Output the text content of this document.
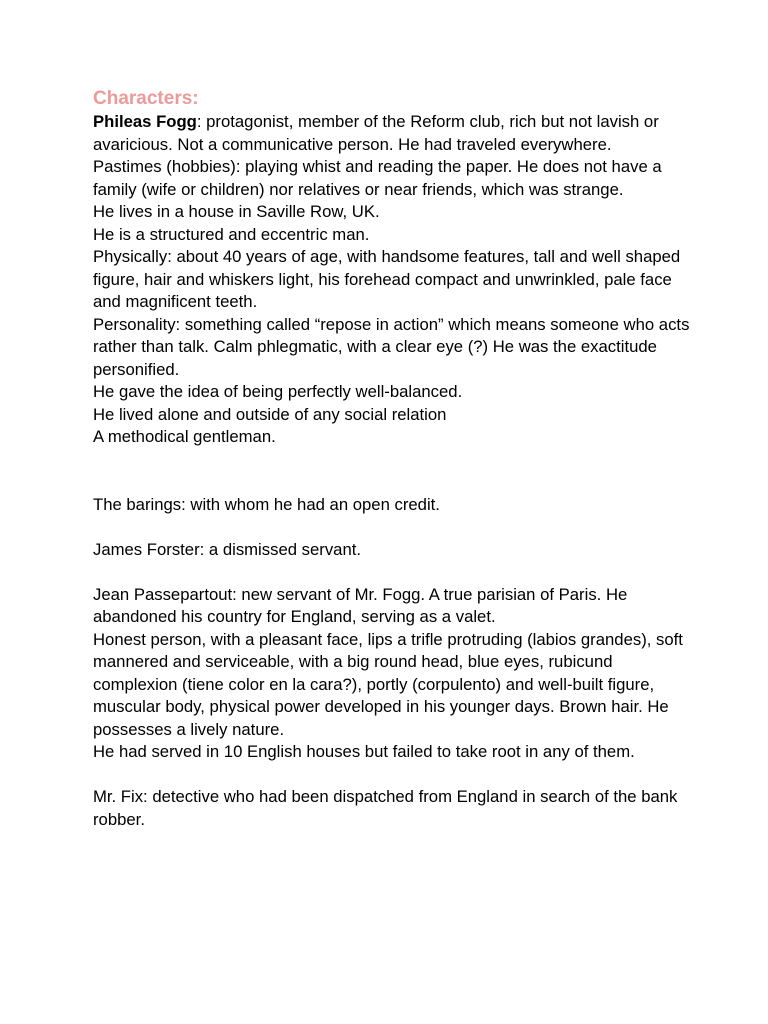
Characters:

Phileas Fogg: protagonist, member of the Reform club, rich but not lavish or avaricious. Not a communicative person. He had traveled everywhere.

Pastimes (hobbies): playing whist and reading the paper. He does not have a family (wife or children) nor relatives or near friends, which was strange.

He lives in a house in Saville Row, UK.

He is a structured and eccentric man.

Physically: about 40 years of age, with handsome features, tall and well shaped figure, hair and whiskers light, his forehead compact and unwrinkled, pale face and magnificent teeth.

Personality: something called “repose in action” which means someone who acts rather than talk. Calm phlegmatic, with a clear eye (?) He was the exactitude personified.

He gave the idea of being perfectly well-balanced.

He lived alone and outside of any social relation

A methodical gentleman.

The barings: with whom he had an open credit.

James Forster: a dismissed servant.

Jean Passepartout: new servant of Mr. Fogg. A true parisian of Paris. He abandoned his country for England, serving as a valet.

Honest person, with a pleasant face, lips a trifle protruding (labios grandes), soft mannered and serviceable, with a big round head, blue eyes, rubicund complexion (tiene color en la cara?), portly (corpulento) and well-built figure, muscular body, physical power developed in his younger days. Brown hair. He possesses a lively nature.

He had served in 10 English houses but failed to take root in any of them.

Mr. Fix: detective who had been dispatched from England in search of the bank robber.
